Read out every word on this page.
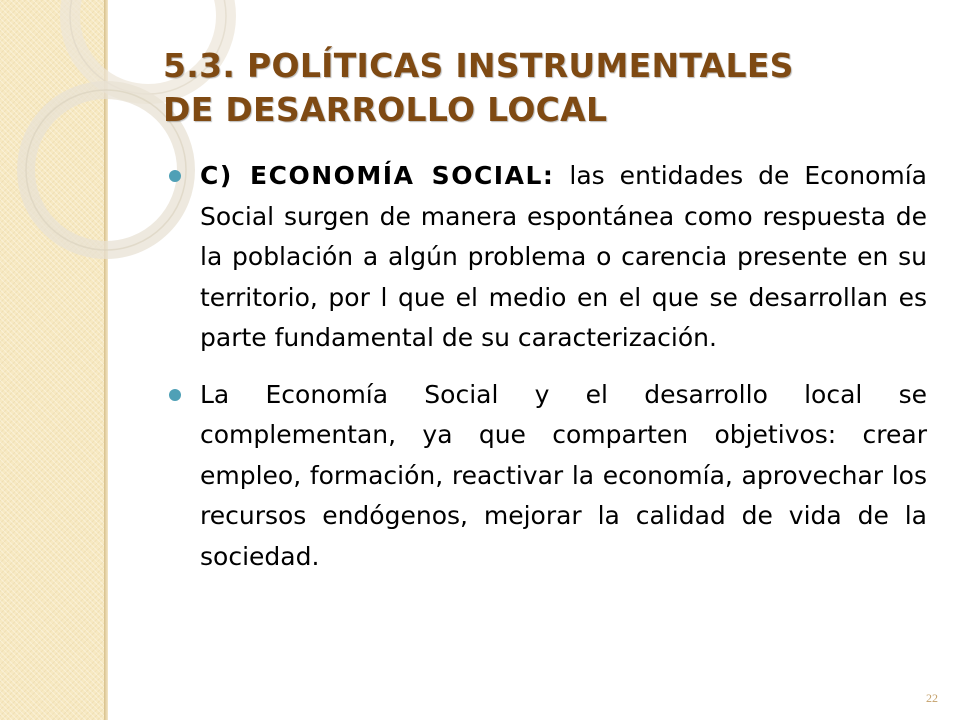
5.3. POLÍTICAS INSTRUMENTALES
DE DESARROLLO LOCAL
C) ECONOMÍA SOCIAL: las entidades de Economía Social surgen de manera espontánea como respuesta de la población a algún problema o carencia presente en su territorio, por l que el medio en el que se desarrollan es parte fundamental de su caracterización.
La Economía Social y el desarrollo local se complementan, ya que comparten objetivos: crear empleo, formación, reactivar la economía, aprovechar los recursos endógenos, mejorar la calidad de vida de la sociedad.
22
